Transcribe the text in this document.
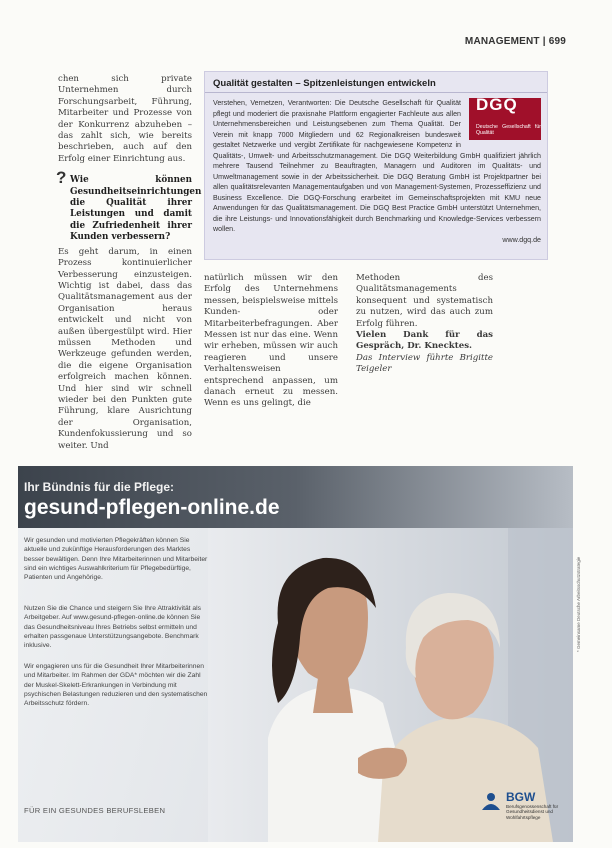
MANAGEMENT | 699

chen sich private Unternehmen durch Forschungsarbeit, Führung, Mitarbeiter und Prozesse von der Konkurrenz abzuheben – das zahlt sich, wie bereits beschrieben, auch auf den Erfolg einer Einrichtung aus.

? Wie können Gesundheitseinrichtungen die Qualität ihrer Leistungen und damit die Zufriedenheit ihrer Kunden verbessern?

Es geht darum, in einen Prozess kontinuierlicher Verbesserung einzusteigen. Wichtig ist dabei, dass das Qualitätsmanagement aus der Organisation heraus entwickelt und nicht von außen übergestülpt wird. Hier müssen Methoden und Werkzeuge gefunden werden, die die eigene Organisation erfolgreich machen können. Und hier sind wir schnell wieder bei den Punkten gute Führung, klare Ausrichtung der Organisation, Kundenfokussierung und so weiter. Und

Qualität gestalten – Spitzenleistungen entwickeln
DGQ
Deutsche Gesellschaft für Qualität
Verstehen, Vernetzen, Verantworten: Die Deutsche Gesellschaft für Qualität pflegt und moderiert die praxisnahe Plattform engagierter Fachleute aus allen Unternehmensbereichen und Leistungsebenen zum Thema Qualität. Der Verein mit knapp 7000 Mitgliedern und 62 Regionalkreisen bundesweit gestaltet Netzwerke und vergibt Zertifikate für nachgewiesene Kompetenz in Qualitäts-, Umwelt- und Arbeitsschutzmanagement. Die DGQ Weiterbildung GmbH qualifiziert jährlich mehrere Tausend Teilnehmer zu Beauftragten, Managern und Auditoren im Qualitäts- und Umweltmanagement sowie in der Arbeitssicherheit. Die DGQ Beratung GmbH ist Projektpartner bei allen qualitätsrelevanten Managementaufgaben und von Management-Systemen, Prozesseffizienz und Business Excellence. Die DGQ-Forschung erarbeitet im Gemeinschaftsprojekten mit KMU neue Anwendungen für das Qualitätsmanagement. Die DGQ Best Practice GmbH unterstützt Unternehmen, die ihre Leistungs- und Innovationsfähigkeit durch Benchmarking und Knowledge-Services verbessern wollen.
www.dgq.de

natürlich müssen wir den Erfolg des Unternehmens messen, beispielsweise mittels Kunden- oder Mitarbeiterbefragungen. Aber Messen ist nur das eine. Wenn wir erheben, müssen wir auch reagieren und unsere Verhaltensweisen entsprechend anpassen, um danach erneut zu messen. Wenn es uns gelingt, die

Methoden des Qualitätsmanagements konsequent und systematisch zu nutzen, wird das auch zum Erfolg führen.

Vielen Dank für das Gespräch, Dr. Knecktes.

Das Interview führte Brigitte Teigeler

Ihr Bündnis für die Pflege:
gesund-pflegen-online.de
Wir gesunden und motivierten Pflegekräften können Sie aktuelle und zukünftige Herausforderungen des Marktes besser bewältigen. Denn Ihre Mitarbeiterinnen und Mitarbeiter sind ein wichtiges Auswahlkriterium für Pflegebedürftige, Patienten und Angehörige.
Nutzen Sie die Chance und steigern Sie Ihre Attraktivität als Arbeitgeber. Auf www.gesund-pflegen-online.de können Sie das Gesundheitsniveau Ihres Betriebs selbst ermitteln und erhalten passgenaue Unterstützungsangebote. Benchmark inklusive.
Wir engagieren uns für die Gesundheit Ihrer Mitarbeiterinnen und Mitarbeiter. Im Rahmen der GDA* möchten wir die Zahl der Muskel-Skelett-Erkrankungen in Verbindung mit psychischen Belastungen reduzieren und den systematischen Arbeitsschutz fördern.
FÜR EIN GESUNDES BERUFSLEBEN
BGW
Berufsgenossenschaft für Gesundheitsdienst und Wohlfahrtspflege
* Gemeinsame Deutsche Arbeitsschutzstrategie
